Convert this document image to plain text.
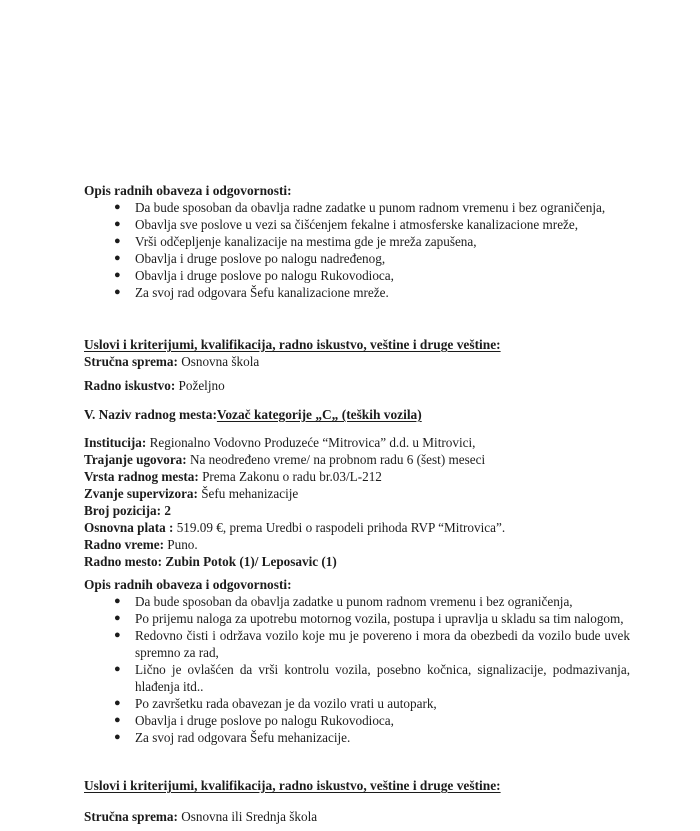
Opis radnih obaveza i odgovornosti:
● Da bude sposoban da obavlja radne zadatke u punom radnom vremenu i bez ograničenja,
● Obavlja sve poslove u vezi sa čišćenjem fekalne i atmosferske kanalizacione mreže,
● Vrši odčepljenje kanalizacije na mestima gde je mreža zapušena,
● Obavlja i druge poslove po nalogu nadređenog,
● Obavlja i druge poslove po nalogu Rukovodioca,
● Za svoj rad odgovara Šefu kanalizacione mreže.
Uslovi i kriterijumi, kvalifikacija, radno iskustvo, veštine i druge veštine:
Stručna sprema: Osnovna škola
Radno iskustvo: Poželjno
V. Naziv radnog mesta:Vozač kategorije „C„ (teških vozila)
Institucija: Regionalno Vodovno Produzeće “Mitrovica” d.d. u Mitrovici,
Trajanje ugovora: Na neodređeno vreme/ na probnom radu 6 (šest) meseci
Vrsta radnog mesta: Prema Zakonu o radu br.03/L-212
Zvanje supervizora: Šefu mehanizacije
Broj pozicija: 2
Osnovna plata : 519.09 €, prema Uredbi o raspodeli prihoda RVP “Mitrovica”.
Radno vreme: Puno.
Radno mesto: Zubin Potok (1)/ Leposavic (1)
Opis radnih obaveza i odgovornosti:
● Da bude sposoban da obavlja zadatke u punom radnom vremenu i bez ograničenja,
● Po prijemu naloga za upotrebu motornog vozila, postupa i upravlja u skladu sa tim nalogom,
● Redovno čisti i održava vozilo koje mu je povereno i mora da obezbedi da vozilo bude uvek spremno za rad,
● Lično je ovlašćen da vrši kontrolu vozila, posebno kočnica, signalizacije, podmazivanja, hlađenja itd..
● Po završetku rada obavezan je da vozilo vrati u autopark,
● Obavlja i druge poslove po nalogu Rukovodioca,
● Za svoj rad odgovara Šefu mehanizacije.
Uslovi i kriterijumi, kvalifikacija, radno iskustvo, veštine i druge veštine:
Stručna sprema: Osnovna ili Srednja škola
